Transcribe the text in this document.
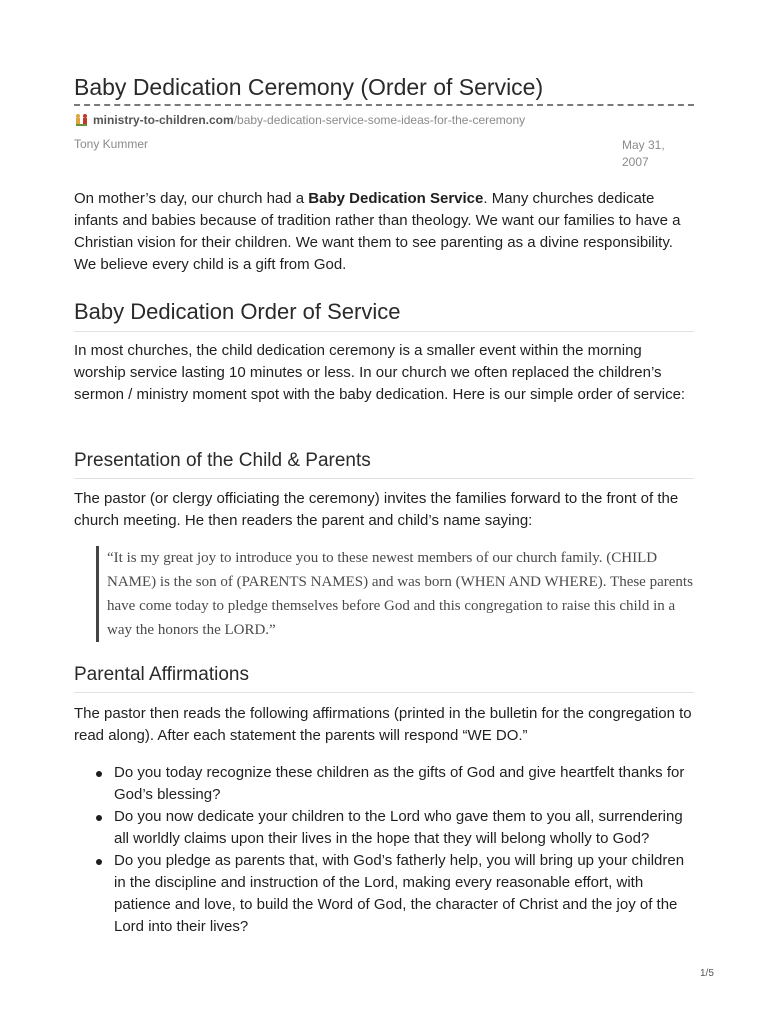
Baby Dedication Ceremony (Order of Service)
ministry-to-children.com /baby-dedication-service-some-ideas-for-the-ceremony
Tony Kummer	May 31, 2007

On mother’s day, our church had a Baby Dedication Service. Many churches dedicate infants and babies because of tradition rather than theology. We want our families to have a Christian vision for their children. We want them to see parenting as a divine responsibility. We believe every child is a gift from God.

Baby Dedication Order of Service

In most churches, the child dedication ceremony is a smaller event within the morning worship service lasting 10 minutes or less. In our church we often replaced the children’s sermon / ministry moment spot with the baby dedication. Here is our simple order of service:

Presentation of the Child & Parents

The pastor (or clergy officiating the ceremony) invites the families forward to the front of the church meeting. He then readers the parent and child’s name saying:

“It is my great joy to introduce you to these newest members of our church family. (CHILD NAME) is the son of (PARENTS NAMES) and was born (WHEN AND WHERE). These parents have come today to pledge themselves before God and this congregation to raise this child in a way the honors the LORD.”
Parental Affirmations

The pastor then reads the following affirmations (printed in the bulletin for the congregation to read along). After each statement the parents will respond “WE DO.”

Do you today recognize these children as the gifts of God and give heartfelt thanks for God’s blessing?
Do you now dedicate your children to the Lord who gave them to you all, surrendering all worldly claims upon their lives in the hope that they will belong wholly to God?
Do you pledge as parents that, with God’s fatherly help, you will bring up your children in the discipline and instruction of the Lord, making every reasonable effort, with patience and love, to build the Word of God, the character of Christ and the joy of the Lord into their lives?
1/5
